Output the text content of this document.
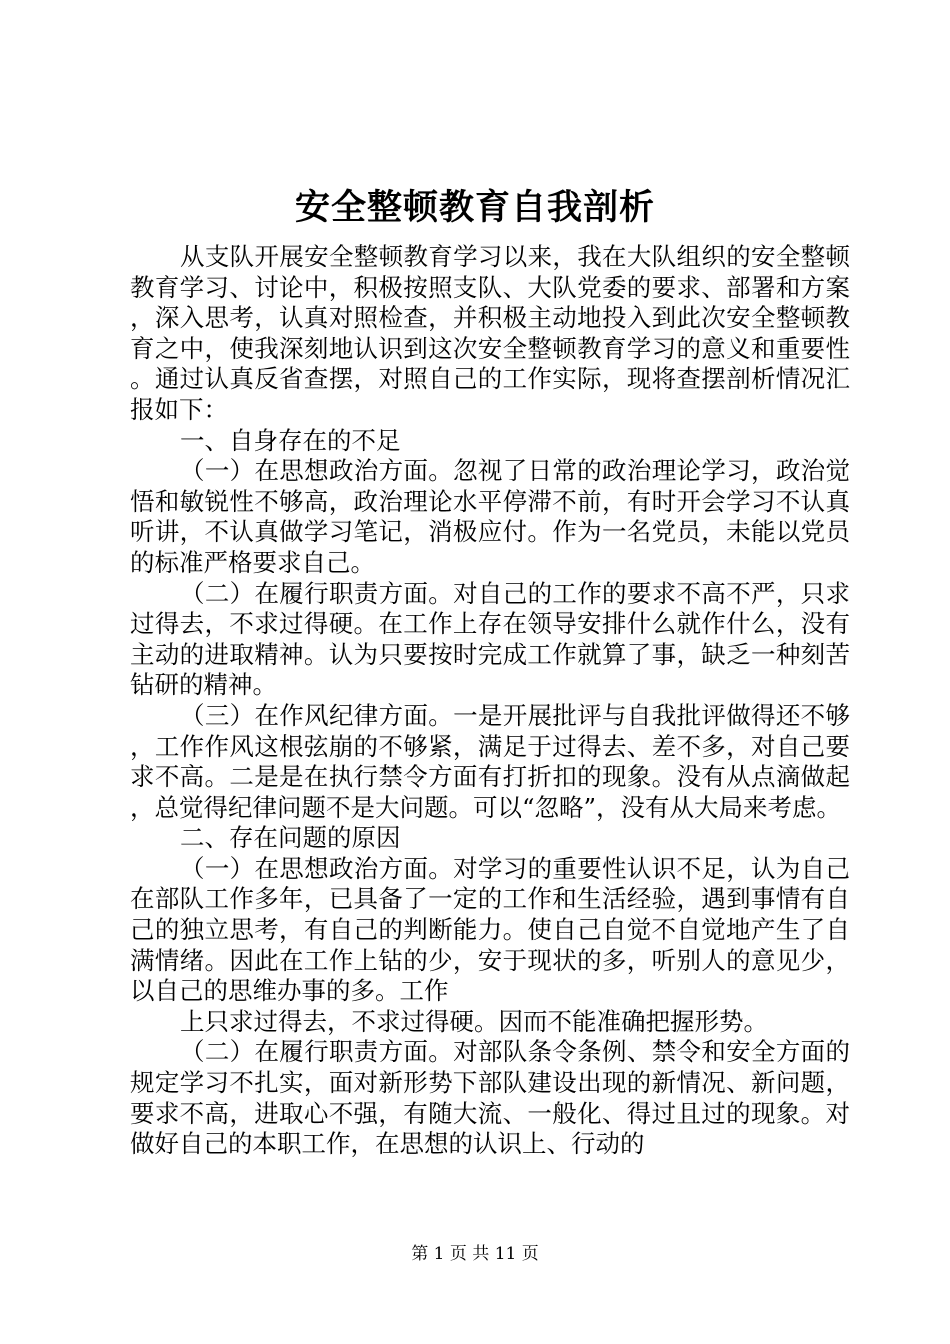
安全整顿教育自我剖析

从支队开展安全整顿教育学习以来，我在大队组织的安全整顿教育学习、讨论中，积极按照支队、大队党委的要求、部署和方案，深入思考，认真对照检查，并积极主动地投入到此次安全整顿教育之中，使我深刻地认识到这次安全整顿教育学习的意义和重要性。通过认真反省查摆，对照自己的工作实际，现将查摆剖析情况汇报如下：

一、自身存在的不足

（一）在思想政治方面。忽视了日常的政治理论学习，政治觉悟和敏锐性不够高，政治理论水平停滞不前，有时开会学习不认真听讲，不认真做学习笔记，消极应付。作为一名党员，未能以党员的标准严格要求自己。

（二）在履行职责方面。对自己的工作的要求不高不严，只求过得去，不求过得硬。在工作上存在领导安排什么就作什么，没有主动的进取精神。认为只要按时完成工作就算了事，缺乏一种刻苦钻研的精神。

（三）在作风纪律方面。一是开展批评与自我批评做得还不够，工作作风这根弦崩的不够紧，满足于过得去、差不多，对自己要求不高。二是是在执行禁令方面有打折扣的现象。没有从点滴做起，总觉得纪律问题不是大问题。可以“忽略”，没有从大局来考虑。

二、存在问题的原因

（一）在思想政治方面。对学习的重要性认识不足，认为自己在部队工作多年，已具备了一定的工作和生活经验，遇到事情有自己的独立思考，有自己的判断能力。使自己自觉不自觉地产生了自满情绪。因此在工作上钻的少，安于现状的多，听别人的意见少，以自己的思维办事的多。工作

上只求过得去，不求过得硬。因而不能准确把握形势。

（二）在履行职责方面。对部队条令条例、禁令和安全方面的规定学习不扎实，面对新形势下部队建设出现的新情况、新问题，要求不高，进取心不强，有随大流、一般化、得过且过的现象。对做好自己的本职工作，在思想的认识上、行动的

第 1 页 共 11 页
